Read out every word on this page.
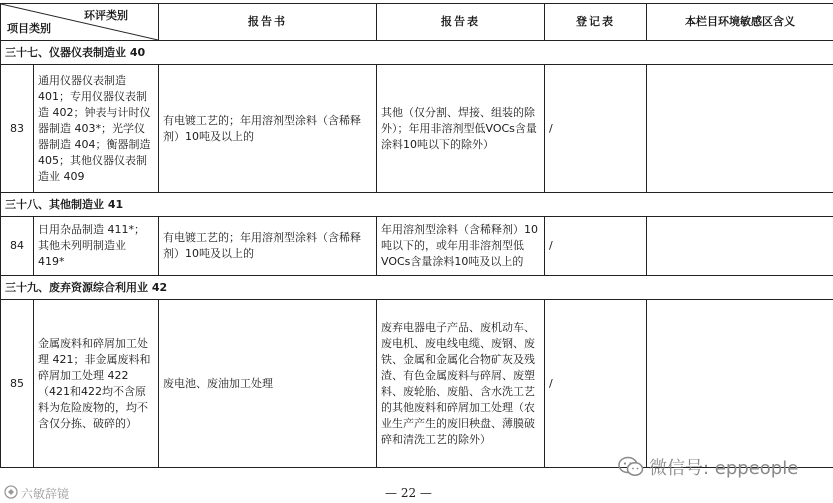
环评类别
项目类别		报告书	报告表	登记表	本栏目环境敏感区含义
三十七、仪器仪表制造业 40					
83	通用仪器仪表制造 401；专用仪器仪表制造 402；钟表与计时仪器制造 403*；光学仪器制造 404；衡器制造 405；其他仪器仪表制造业 409	有电镀工艺的；年用溶剂型涂料（含稀释剂）10吨及以上的	其他（仅分割、焊接、组装的除外）；年用非溶剂型低VOCs含量涂料10吨以下的除外）	/	
三十八、其他制造业 41					
84	日用杂品制造 411*；其他未列明制造业 419*	有电镀工艺的；年用溶剂型涂料（含稀释剂）10吨及以上的	年用溶剂型涂料（含稀释剂）10吨以下的，或年用非溶剂型低VOCs含量涂料10吨及以上的	/	
三十九、废弃资源综合利用业 42					
85	金属废料和碎屑加工处理 421；非金属废料和碎屑加工处理 422（421和422均不含原料为危险废物的，均不含仅分拣、破碎的）	废电池、废油加工处理	废弃电器电子产品、废机动车、废电机、废电线电缆、废钢、废铁、金属和金属化合物矿灰及残渣、有色金属废料与碎屑、废塑料、废轮胎、废船、含水洗工艺的其他废料和碎屑加工处理（农业生产产生的废旧秧盘、薄膜破碎和清洗工艺的除外）	/	
六敏辞镜	— 22 —
微信号: eppeople
